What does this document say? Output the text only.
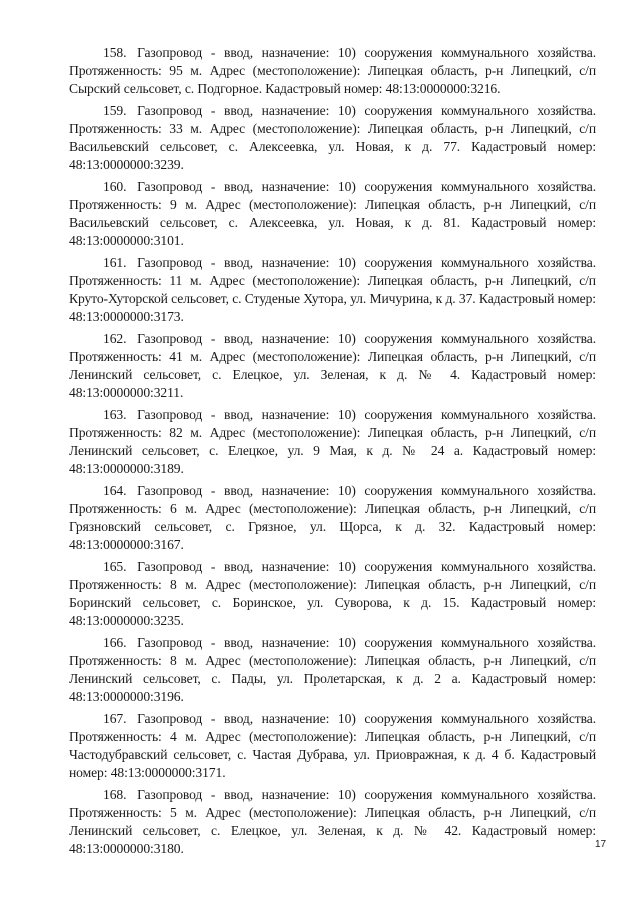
158. Газопровод - ввод, назначение: 10) сооружения коммунального хозяйства. Протяженность: 95 м. Адрес (местоположение): Липецкая область, р-н Липецкий, с/п Сырский сельсовет, с. Подгорное. Кадастровый номер: 48:13:0000000:3216.

159. Газопровод - ввод, назначение: 10) сооружения коммунального хозяйства. Протяженность: 33 м. Адрес (местоположение): Липецкая область, р-н Липецкий, с/п Васильевский сельсовет, с. Алексеевка, ул. Новая, к д. 77. Кадастровый номер: 48:13:0000000:3239.

160. Газопровод - ввод, назначение: 10) сооружения коммунального хозяйства. Протяженность: 9 м. Адрес (местоположение): Липецкая область, р-н Липецкий, с/п Васильевский сельсовет, с. Алексеевка, ул. Новая, к д. 81. Кадастровый номер: 48:13:0000000:3101.

161. Газопровод - ввод, назначение: 10) сооружения коммунального хозяйства. Протяженность: 11 м. Адрес (местоположение): Липецкая область, р-н Липецкий, с/п Круто-Хуторской сельсовет, с. Студеные Хутора, ул. Мичурина, к д. 37. Кадастровый номер: 48:13:0000000:3173.

162. Газопровод - ввод, назначение: 10) сооружения коммунального хозяйства. Протяженность: 41 м. Адрес (местоположение): Липецкая область, р-н Липецкий, с/п Ленинский сельсовет, с. Елецкое, ул. Зеленая, к д. № 4. Кадастровый номер: 48:13:0000000:3211.

163. Газопровод - ввод, назначение: 10) сооружения коммунального хозяйства. Протяженность: 82 м. Адрес (местоположение): Липецкая область, р-н Липецкий, с/п Ленинский сельсовет, с. Елецкое, ул. 9 Мая, к д. № 24 а. Кадастровый номер: 48:13:0000000:3189.

164. Газопровод - ввод, назначение: 10) сооружения коммунального хозяйства. Протяженность: 6 м. Адрес (местоположение): Липецкая область, р-н Липецкий, с/п Грязновский сельсовет, с. Грязное, ул. Щорса, к д. 32. Кадастровый номер: 48:13:0000000:3167.

165. Газопровод - ввод, назначение: 10) сооружения коммунального хозяйства. Протяженность: 8 м. Адрес (местоположение): Липецкая область, р-н Липецкий, с/п Боринский сельсовет, с. Боринское, ул. Суворова, к д. 15. Кадастровый номер: 48:13:0000000:3235.

166. Газопровод - ввод, назначение: 10) сооружения коммунального хозяйства. Протяженность: 8 м. Адрес (местоположение): Липецкая область, р-н Липецкий, с/п Ленинский сельсовет, с. Пады, ул. Пролетарская, к д. 2 а. Кадастровый номер: 48:13:0000000:3196.

167. Газопровод - ввод, назначение: 10) сооружения коммунального хозяйства. Протяженность: 4 м. Адрес (местоположение): Липецкая область, р-н Липецкий, с/п Частодубравский сельсовет, с. Частая Дубрава, ул. Приовражная, к д. 4 б. Кадастровый номер: 48:13:0000000:3171.

168. Газопровод - ввод, назначение: 10) сооружения коммунального хозяйства. Протяженность: 5 м. Адрес (местоположение): Липецкая область, р-н Липецкий, с/п Ленинский сельсовет, с. Елецкое, ул. Зеленая, к д. № 42. Кадастровый номер: 48:13:0000000:3180.	17
